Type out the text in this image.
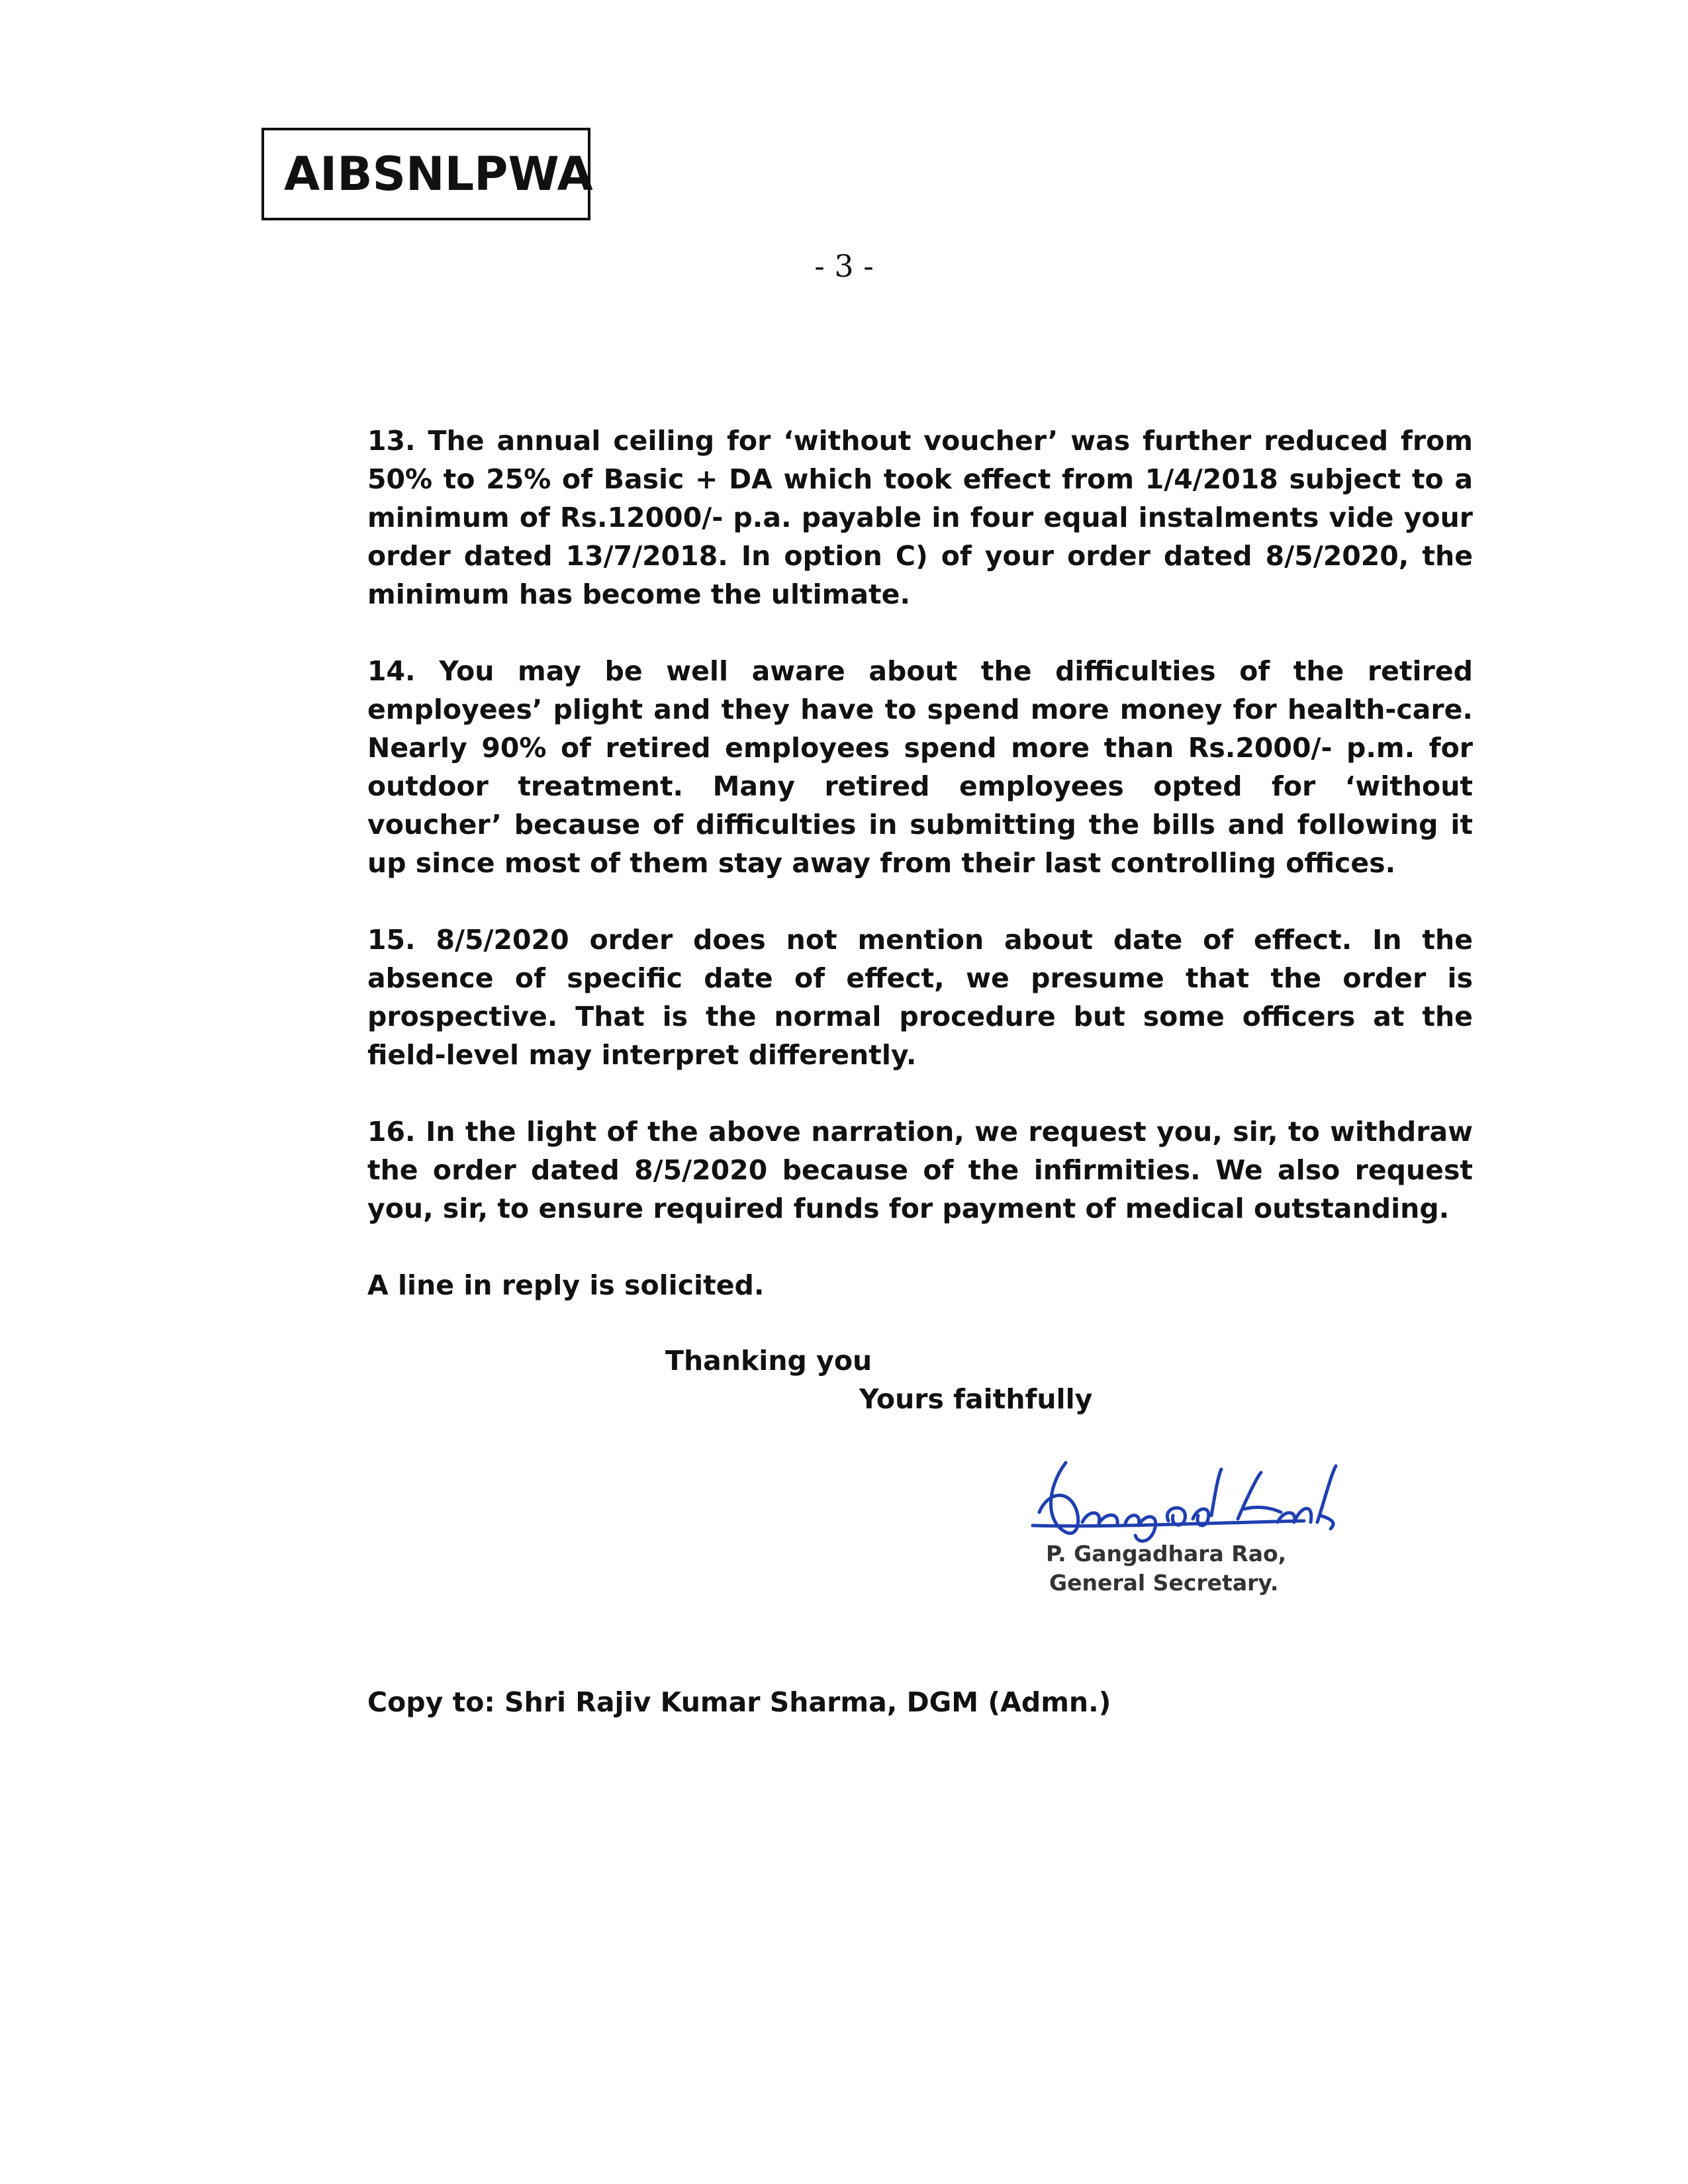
AIBSNLPWA
- 3 -

13. The annual ceiling for ‘without voucher’ was further reduced from 50% to 25% of Basic + DA which took effect from 1/4/2018 subject to a minimum of Rs.12000/- p.a. payable in four equal instalments vide your order dated 13/7/2018. In option C) of your order dated 8/5/2020, the minimum has become the ultimate.

14. You may be well aware about the difficulties of the retired employees’ plight and they have to spend more money for health-care. Nearly 90% of retired employees spend more than Rs.2000/- p.m. for outdoor treatment. Many retired employees opted for ‘without voucher’ because of difficulties in submitting the bills and following it up since most of them stay away from their last controlling offices.

15. 8/5/2020 order does not mention about date of effect. In the absence of specific date of effect, we presume that the order is prospective. That is the normal procedure but some officers at the field-level may interpret differently.

16. In the light of the above narration, we request you, sir, to withdraw the order dated 8/5/2020 because of the infirmities. We also request you, sir, to ensure required funds for payment of medical outstanding.

A line in reply is solicited.

Thanking you
Yours faithfully
P. Gangadhara Rao,
General Secretary.
Copy to: Shri Rajiv Kumar Sharma, DGM (Admn.)
